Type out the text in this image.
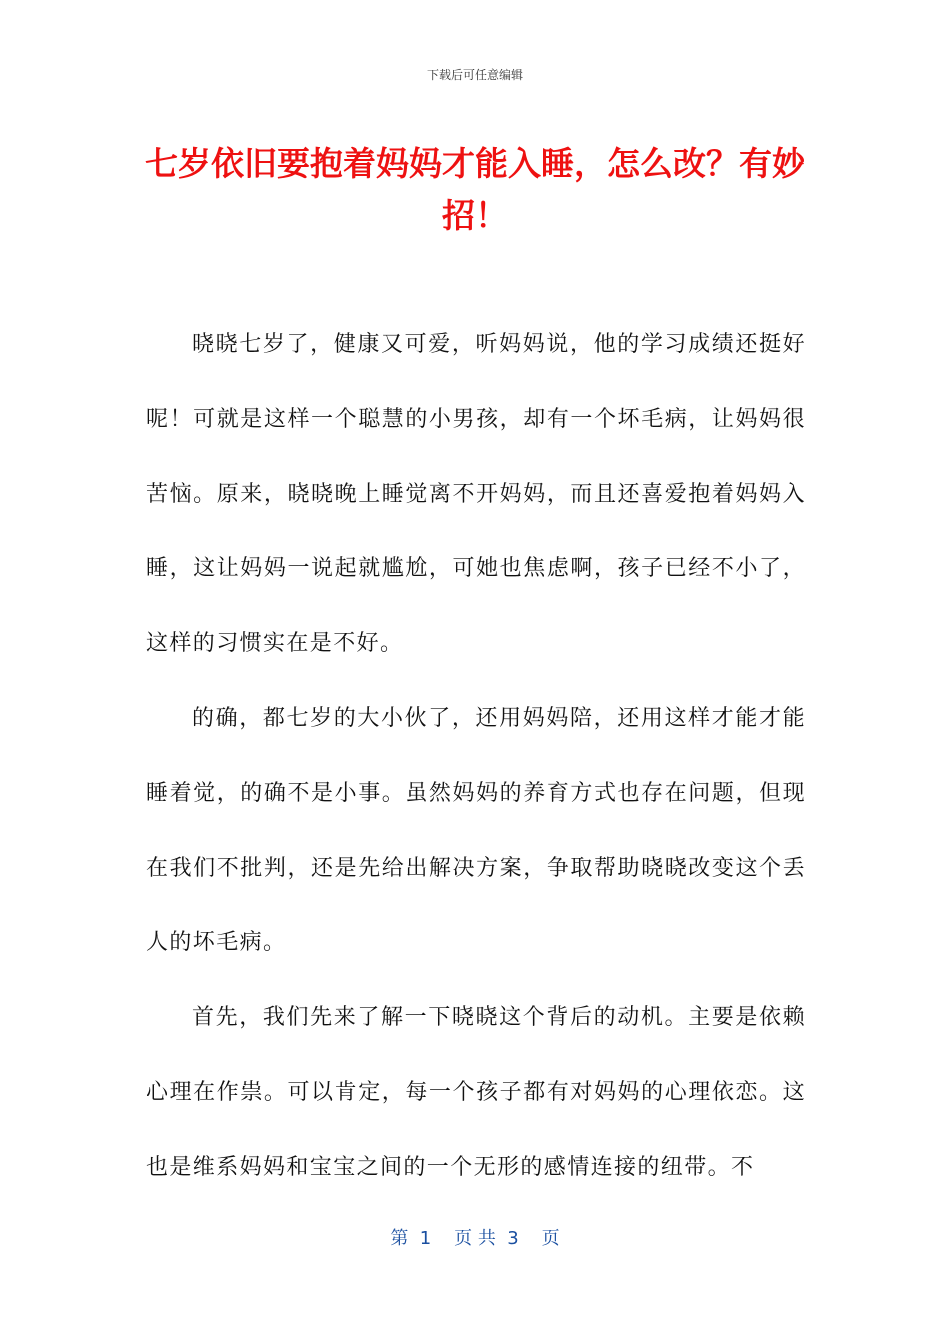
下载后可任意编辑
七岁依旧要抱着妈妈才能入睡，怎么改？有妙招！

晓晓七岁了，健康又可爱，听妈妈说，他的学习成绩还挺好呢！可就是这样一个聪慧的小男孩，却有一个坏毛病，让妈妈很苦恼。原来，晓晓晚上睡觉离不开妈妈，而且还喜爱抱着妈妈入睡，这让妈妈一说起就尴尬，可她也焦虑啊，孩子已经不小了，这样的习惯实在是不好。

的确，都七岁的大小伙了，还用妈妈陪，还用这样才能才能睡着觉，的确不是小事。虽然妈妈的养育方式也存在问题，但现在我们不批判，还是先给出解决方案，争取帮助晓晓改变这个丢人的坏毛病。

首先，我们先来了解一下晓晓这个背后的动机。主要是依赖心理在作祟。可以肯定，每一个孩子都有对妈妈的心理依恋。这也是维系妈妈和宝宝之间的一个无形的感情连接的纽带。不

第  1    页 共  3    页
